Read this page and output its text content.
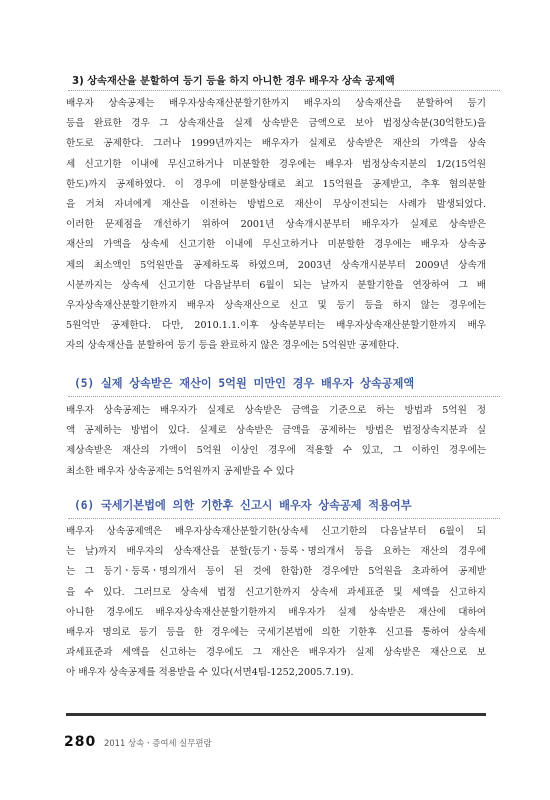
3) 상속재산을 분할하여 등기 등을 하지 아니한 경우 배우자 상속 공제액
배우자 상속공제는 배우자상속재산분할기한까지 배우자의 상속재산을 분할하여 등기
등을 완료한 경우 그 상속재산을 실제 상속받은 금액으로 보아 법정상속분(30억한도)을
한도로 공제한다. 그러나 1999년까지는 배우자가 실제로 상속받은 재산의 가액을 상속
세 신고기한 이내에 무신고하거나 미분할한 경우에는 배우자 법정상속지분의 1/2(15억원
한도)까지 공제하였다. 이 경우에 미분할상태로 최고 15억원을 공제받고, 추후 협의분할
을 거쳐 자녀에게 재산을 이전하는 방법으로 재산이 무상이전되는 사례가 발생되었다.
이러한 문제점을 개선하기 위하여 2001년 상속개시분부터 배우자가 실제로 상속받은
재산의 가액을 상속세 신고기한 이내에 무신고하거나 미분할한 경우에는 배우자 상속공
제의 최소액인 5억원만을 공제하도록 하였으며, 2003년 상속개시분부터 2009년 상속개
시분까지는 상속세 신고기한 다음날부터 6월이 되는 날까지 분할기한을 연장하여 그 배
우자상속재산분할기한까지 배우자 상속재산으로 신고 및 등기 등을 하지 않는 경우에는
5원억만 공제한다. 다만, 2010.1.1.이후 상속분부터는 배우자상속재산분할기한까지 배우
자의 상속재산을 분할하여 등기 등을 완료하지 않은 경우에는 5억원만 공제한다.
(5) 실제 상속받은 재산이 5억원 미만인 경우 배우자 상속공제액
배우자 상속공제는 배우자가 실제로 상속받은 금액을 기준으로 하는 방법과 5억원 정
액 공제하는 방법이 있다. 실제로 상속받은 금액을 공제하는 방법은 법정상속지분과 실
제상속받은 재산의 가액이 5억원 이상인 경우에 적용할 수 있고, 그 이하인 경우에는
최소한 배우자 상속공제는 5억원까지 공제받을 수 있다
(6) 국세기본법에 의한 기한후 신고시 배우자 상속공제 적용여부
배우자 상속공제액은 배우자상속재산분할기한(상속세 신고기한의 다음날부터 6월이 되
는 날)까지 배우자의 상속재산을 분할(등기ㆍ등록ㆍ명의개서 등을 요하는 재산의 경우에
는 그 등기ㆍ등록ㆍ명의개서 등이 된 것에 한함)한 경우에만 5억원을 초과하여 공제받
을 수 있다. 그러므로 상속세 법정 신고기한까지 상속세 과세표준 및 세액을 신고하지
아니한 경우에도 배우자상속재산분할기한까지 배우자가 실제 상속받은 재산에 대하여
배우자 명의로 등기 등을 한 경우에는 국세기본법에 의한 기한후 신고를 통하여 상속세
과세표준과 세액을 신고하는 경우에도 그 재산은 배우자가 실제 상속받은 재산으로 보
아 배우자 상속공제를 적용받을 수 있다(서면4팀-1252,2005.7.19).
280 2011 상속ㆍ증여세 실무편람
